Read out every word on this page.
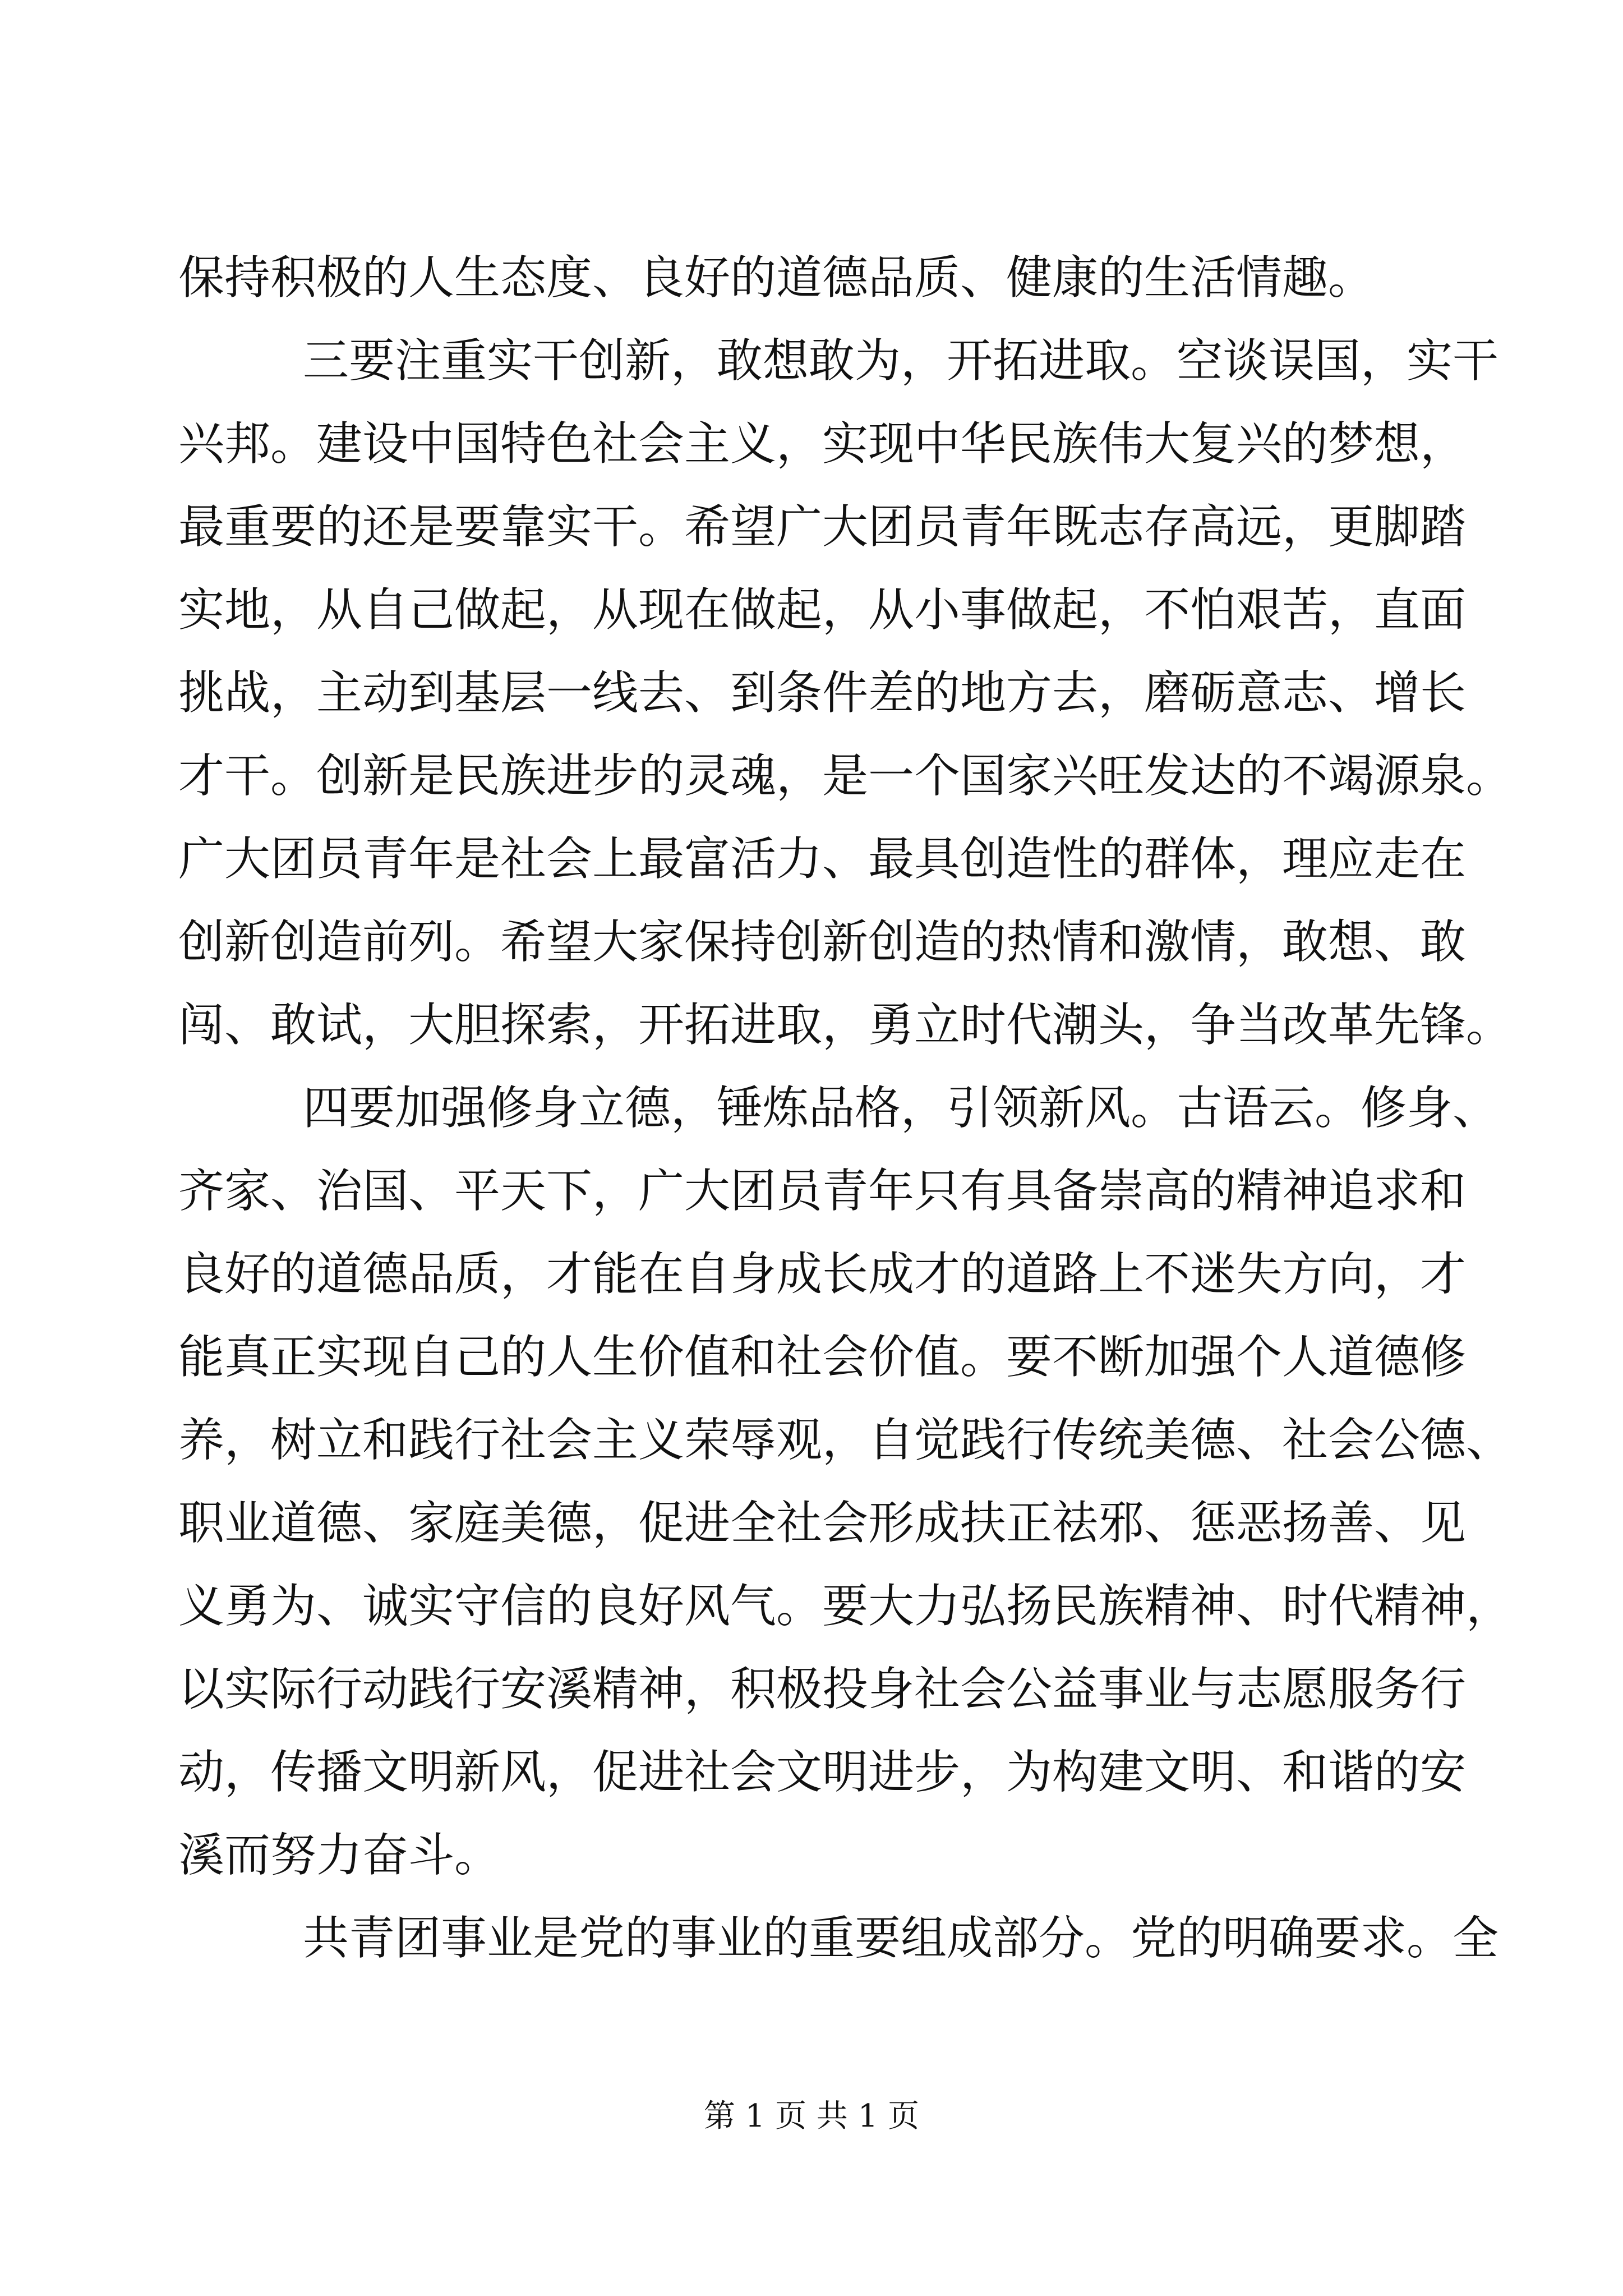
保持积极的人生态度、良好的道德品质、健康的生活情趣。
三要注重实干创新，敢想敢为，开拓进取。空谈误国，实干
兴邦。建设中国特色社会主义，实现中华民族伟大复兴的梦想，
最重要的还是要靠实干。希望广大团员青年既志存高远，更脚踏
实地，从自己做起，从现在做起，从小事做起，不怕艰苦，直面
挑战，主动到基层一线去、到条件差的地方去，磨砺意志、增长
才干。创新是民族进步的灵魂，是一个国家兴旺发达的不竭源泉。
广大团员青年是社会上最富活力、最具创造性的群体，理应走在
创新创造前列。希望大家保持创新创造的热情和激情，敢想、敢
闯、敢试，大胆探索，开拓进取，勇立时代潮头，争当改革先锋。
四要加强修身立德，锤炼品格，引领新风。古语云。修身、
齐家、治国、平天下，广大团员青年只有具备崇高的精神追求和
良好的道德品质，才能在自身成长成才的道路上不迷失方向，才
能真正实现自己的人生价值和社会价值。要不断加强个人道德修
养，树立和践行社会主义荣辱观，自觉践行传统美德、社会公德、
职业道德、家庭美德，促进全社会形成扶正祛邪、惩恶扬善、见
义勇为、诚实守信的良好风气。要大力弘扬民族精神、时代精神，
以实际行动践行安溪精神，积极投身社会公益事业与志愿服务行
动，传播文明新风，促进社会文明进步，为构建文明、和谐的安
溪而努力奋斗。
共青团事业是党的事业的重要组成部分。党的明确要求。全
第 1 页 共 1 页
